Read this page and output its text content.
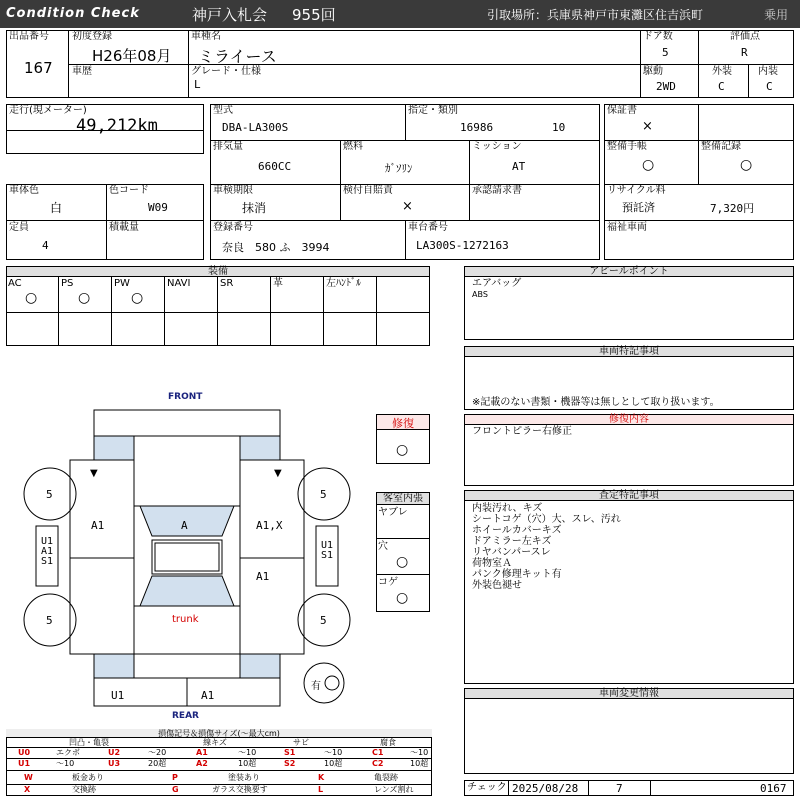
Condition Check	神戸入札会 955回	引取場所：兵庫県神戸市東灘区住吉浜町	乗用
出品番号
167
初度登録
H26年08月
車歴
車種名
ミライース
グレード・仕様
L
ドア数
5
評価点
R
駆動
2WD
外装
C
内装
C
走行(現メーター)
49,212km
車体色
白
色コード
W09
定員
4
積載量
型式
DBA-LA300S
指定・類別
16986	10
排気量
660CC
燃料
ｶﾞｿﾘﾝ
ミッション
AT
車検期限
抹消
検付自賠責
×
承認請求書
登録番号
奈良　580 ふ　3994
車台番号
LA300S-1272163
保証書
×
整備手帳
○
整備記録
○
リサイクル料
預託済	7,320円
福祉車両
装備
AC	PS	PW	NAVI	SR	革	左ﾊﾝﾄﾞﾙ
○	○	○
FRONT
REAR
▼	▼
5	5
5	5
U1
A1
S1
U1
S1
A1	A	A1,X
A1
trunk
U1	A1
有
修復
○
客室内張
ヤブレ
穴
○
コゲ
○
アピールポイント
エアバッグ
ABS
車両特記事項
※記載のない書類・機器等は無しとして取り扱います。
修復内容
フロントピラー右修正
査定特記事項
内装汚れ、キズ
シートコゲ（穴）大、スレ、汚れ
ホイールカバーキズ
ドアミラー左キズ
リヤバンパースレ
荷物室Ａ
パンク修理キット有
外装色褪せ
車両変更情報
チェック 2025/08/28	7	0167
損傷記号＆損傷サイズ(～最大cm)
凹凸・亀裂	線キズ	サビ	腐食
U0	エクボ	U2	～20	A1	～10	S1	～10	C1	～10
U1	～10	U3	20超	A2	10超	S2	10超	C2	10超
W	板金あり	P	塗装あり	K	亀裂跡
X	交換跡	G	ガラス交換要す	L	レンズ割れ
